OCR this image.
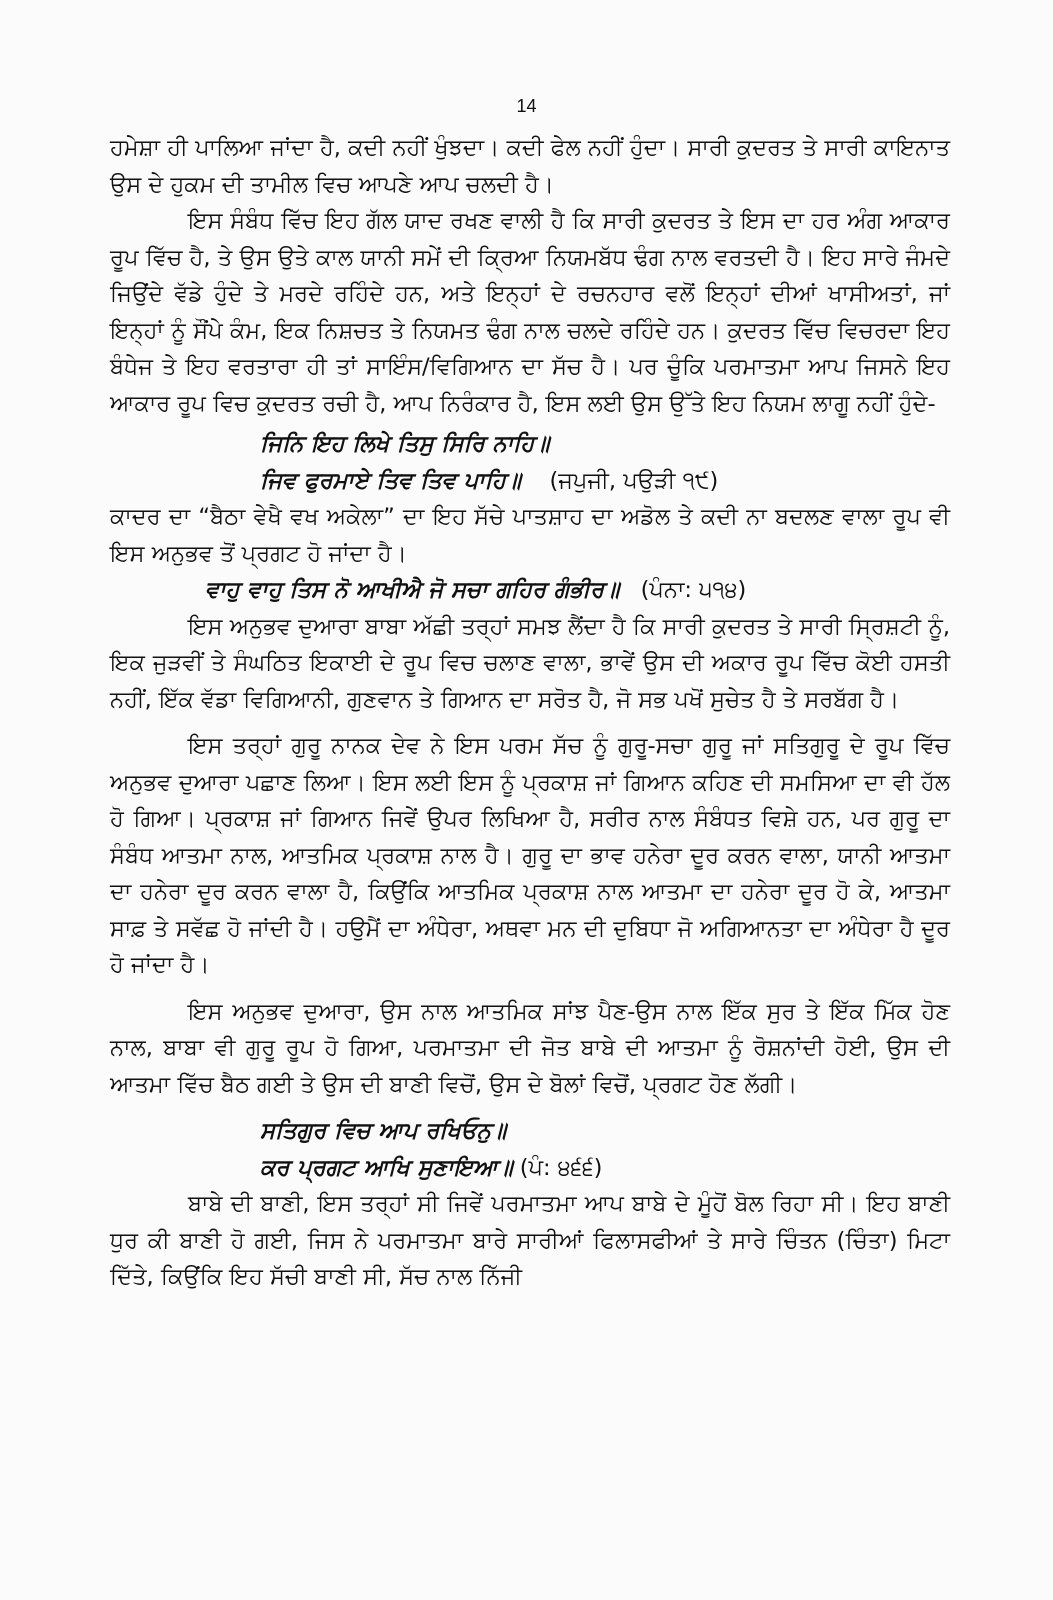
14

ਹਮੇਸ਼ਾ ਹੀ ਪਾਲਿਆ ਜਾਂਦਾ ਹੈ, ਕਦੀ ਨਹੀਂ ਖੁੰਝਦਾ। ਕਦੀ ਫੇਲ ਨਹੀਂ ਹੁੰਦਾ। ਸਾਰੀ ਕੁਦਰਤ ਤੇ ਸਾਰੀ ਕਾਇਨਾਤ ਉਸ ਦੇ ਹੁਕਮ ਦੀ ਤਾਮੀਲ ਵਿਚ ਆਪਣੇ ਆਪ ਚਲਦੀ ਹੈ।

ਇਸ ਸੰਬੰਧ ਵਿੱਚ ਇਹ ਗੱਲ ਯਾਦ ਰਖਣ ਵਾਲੀ ਹੈ ਕਿ ਸਾਰੀ ਕੁਦਰਤ ਤੇ ਇਸ ਦਾ ਹਰ ਅੰਗ ਆਕਾਰ ਰੂਪ ਵਿੱਚ ਹੈ, ਤੇ ਉਸ ਉਤੇ ਕਾਲ ਯਾਨੀ ਸਮੇਂ ਦੀ ਕ੍ਰਿਆ ਨਿਯਮਬੱਧ ਢੰਗ ਨਾਲ ਵਰਤਦੀ ਹੈ। ਇਹ ਸਾਰੇ ਜੰਮਦੇ ਜਿਉਂਦੇ ਵੱਡੇ ਹੁੰਦੇ ਤੇ ਮਰਦੇ ਰਹਿੰਦੇ ਹਨ, ਅਤੇ ਇਨ੍ਹਾਂ ਦੇ ਰਚਨਹਾਰ ਵਲੋਂ ਇਨ੍ਹਾਂ ਦੀਆਂ ਖਾਸੀਅਤਾਂ, ਜਾਂ ਇਨ੍ਹਾਂ ਨੂੰ ਸੌਂਪੇ ਕੰਮ, ਇਕ ਨਿਸ਼ਚਤ ਤੇ ਨਿਯਮਤ ਢੰਗ ਨਾਲ ਚਲਦੇ ਰਹਿੰਦੇ ਹਨ। ਕੁਦਰਤ ਵਿੱਚ ਵਿਚਰਦਾ ਇਹ ਬੰਧੇਜ ਤੇ ਇਹ ਵਰਤਾਰਾ ਹੀ ਤਾਂ ਸਾਇੰਸ/ਵਿਗਿਆਨ ਦਾ ਸੱਚ ਹੈ। ਪਰ ਚੂੰਕਿ ਪਰਮਾਤਮਾ ਆਪ ਜਿਸਨੇ ਇਹ ਆਕਾਰ ਰੂਪ ਵਿਚ ਕੁਦਰਤ ਰਚੀ ਹੈ, ਆਪ ਨਿਰੰਕਾਰ ਹੈ, ਇਸ ਲਈ ਉਸ ਉੱਤੇ ਇਹ ਨਿਯਮ ਲਾਗੂ ਨਹੀਂ ਹੁੰਦੇ-

ਜਿਨਿ ਇਹ ਲਿਖੇ ਤਿਸੁ ਸਿਰਿ ਨਾਹਿ॥
ਜਿਵ ਫੁਰਮਾਏ ਤਿਵ ਤਿਵ ਪਾਹਿ॥ (ਜਪੁਜੀ, ਪਉੜੀ ੧੯)

ਕਾਦਰ ਦਾ “ਬੈਠਾ ਵੇਖੈ ਵਖ ਅਕੇਲਾ” ਦਾ ਇਹ ਸੱਚੇ ਪਾਤਸ਼ਾਹ ਦਾ ਅਡੋਲ ਤੇ ਕਦੀ ਨਾ ਬਦਲਣ ਵਾਲਾ ਰੂਪ ਵੀ ਇਸ ਅਨੁਭਵ ਤੋਂ ਪ੍ਰਗਟ ਹੋ ਜਾਂਦਾ ਹੈ।

ਵਾਹੁ ਵਾਹੁ ਤਿਸ ਨੋ ਆਖੀਐ ਜੋ ਸਚਾ ਗਹਿਰ ਗੰਭੀਰ॥ (ਪੰਨਾ: ੫੧੪)

ਇਸ ਅਨੁਭਵ ਦੁਆਰਾ ਬਾਬਾ ਅੱਛੀ ਤਰ੍ਹਾਂ ਸਮਝ ਲੈਂਦਾ ਹੈ ਕਿ ਸਾਰੀ ਕੁਦਰਤ ਤੇ ਸਾਰੀ ਸ੍ਰਿਸ਼ਟੀ ਨੂੰ, ਇਕ ਜੁੜਵੀਂ ਤੇ ਸੰਘਠਿਤ ਇਕਾਈ ਦੇ ਰੂਪ ਵਿਚ ਚਲਾਣ ਵਾਲਾ, ਭਾਵੇਂ ਉਸ ਦੀ ਅਕਾਰ ਰੂਪ ਵਿੱਚ ਕੋਈ ਹਸਤੀ ਨਹੀਂ, ਇੱਕ ਵੱਡਾ ਵਿਗਿਆਨੀ, ਗੁਣਵਾਨ ਤੇ ਗਿਆਨ ਦਾ ਸਰੋਤ ਹੈ, ਜੋ ਸਭ ਪਖੋਂ ਸੁਚੇਤ ਹੈ ਤੇ ਸਰਬੱਗ ਹੈ।

ਇਸ ਤਰ੍ਹਾਂ ਗੁਰੂ ਨਾਨਕ ਦੇਵ ਨੇ ਇਸ ਪਰਮ ਸੱਚ ਨੂੰ ਗੁਰੂ-ਸਚਾ ਗੁਰੂ ਜਾਂ ਸਤਿਗੁਰੂ ਦੇ ਰੂਪ ਵਿੱਚ ਅਨੁਭਵ ਦੁਆਰਾ ਪਛਾਣ ਲਿਆ। ਇਸ ਲਈ ਇਸ ਨੂੰ ਪ੍ਰਕਾਸ਼ ਜਾਂ ਗਿਆਨ ਕਹਿਣ ਦੀ ਸਮਸਿਆ ਦਾ ਵੀ ਹੱਲ ਹੋ ਗਿਆ। ਪ੍ਰਕਾਸ਼ ਜਾਂ ਗਿਆਨ ਜਿਵੇਂ ਉਪਰ ਲਿਖਿਆ ਹੈ, ਸਰੀਰ ਨਾਲ ਸੰਬੰਧਤ ਵਿਸ਼ੇ ਹਨ, ਪਰ ਗੁਰੂ ਦਾ ਸੰਬੰਧ ਆਤਮਾ ਨਾਲ, ਆਤਮਿਕ ਪ੍ਰਕਾਸ਼ ਨਾਲ ਹੈ। ਗੁਰੂ ਦਾ ਭਾਵ ਹਨੇਰਾ ਦੂਰ ਕਰਨ ਵਾਲਾ, ਯਾਨੀ ਆਤਮਾ ਦਾ ਹਨੇਰਾ ਦੂਰ ਕਰਨ ਵਾਲਾ ਹੈ, ਕਿਉਂਕਿ ਆਤਮਿਕ ਪ੍ਰਕਾਸ਼ ਨਾਲ ਆਤਮਾ ਦਾ ਹਨੇਰਾ ਦੂਰ ਹੋ ਕੇ, ਆਤਮਾ ਸਾਫ਼ ਤੇ ਸਵੱਛ ਹੋ ਜਾਂਦੀ ਹੈ। ਹਉਮੈਂ ਦਾ ਅੰਧੇਰਾ, ਅਥਵਾ ਮਨ ਦੀ ਦੁਬਿਧਾ ਜੋ ਅਗਿਆਨਤਾ ਦਾ ਅੰਧੇਰਾ ਹੈ ਦੂਰ ਹੋ ਜਾਂਦਾ ਹੈ।

ਇਸ ਅਨੁਭਵ ਦੁਆਰਾ, ਉਸ ਨਾਲ ਆਤਮਿਕ ਸਾਂਝ ਪੈਣ-ਉਸ ਨਾਲ ਇੱਕ ਸੁਰ ਤੇ ਇੱਕ ਮਿੱਕ ਹੋਣ ਨਾਲ, ਬਾਬਾ ਵੀ ਗੁਰੂ ਰੂਪ ਹੋ ਗਿਆ, ਪਰਮਾਤਮਾ ਦੀ ਜੋਤ ਬਾਬੇ ਦੀ ਆਤਮਾ ਨੂੰ ਰੋਸ਼ਨਾਂਦੀ ਹੋਈ, ਉਸ ਦੀ ਆਤਮਾ ਵਿੱਚ ਬੈਠ ਗਈ ਤੇ ਉਸ ਦੀ ਬਾਣੀ ਵਿਚੋਂ, ਉਸ ਦੇ ਬੋਲਾਂ ਵਿਚੋਂ, ਪ੍ਰਗਟ ਹੋਣ ਲੱਗੀ।

ਸਤਿਗੁਰ ਵਿਚ ਆਪ ਰਖਿਓਨੁ॥
ਕਰ ਪ੍ਰਗਟ ਆਖਿ ਸੁਣਾਇਆ॥ (ਪੰ: ੪੬੬)

ਬਾਬੇ ਦੀ ਬਾਣੀ, ਇਸ ਤਰ੍ਹਾਂ ਸੀ ਜਿਵੇਂ ਪਰਮਾਤਮਾ ਆਪ ਬਾਬੇ ਦੇ ਮੂੰਹੋਂ ਬੋਲ ਰਿਹਾ ਸੀ। ਇਹ ਬਾਣੀ ਧੁਰ ਕੀ ਬਾਣੀ ਹੋ ਗਈ, ਜਿਸ ਨੇ ਪਰਮਾਤਮਾ ਬਾਰੇ ਸਾਰੀਆਂ ਫਿਲਾਸਫੀਆਂ ਤੇ ਸਾਰੇ ਚਿੰਤਨ (ਚਿੰਤਾ) ਮਿਟਾ ਦਿੱਤੇ, ਕਿਉਂਕਿ ਇਹ ਸੱਚੀ ਬਾਣੀ ਸੀ, ਸੱਚ ਨਾਲ ਨਿੱਜੀ
